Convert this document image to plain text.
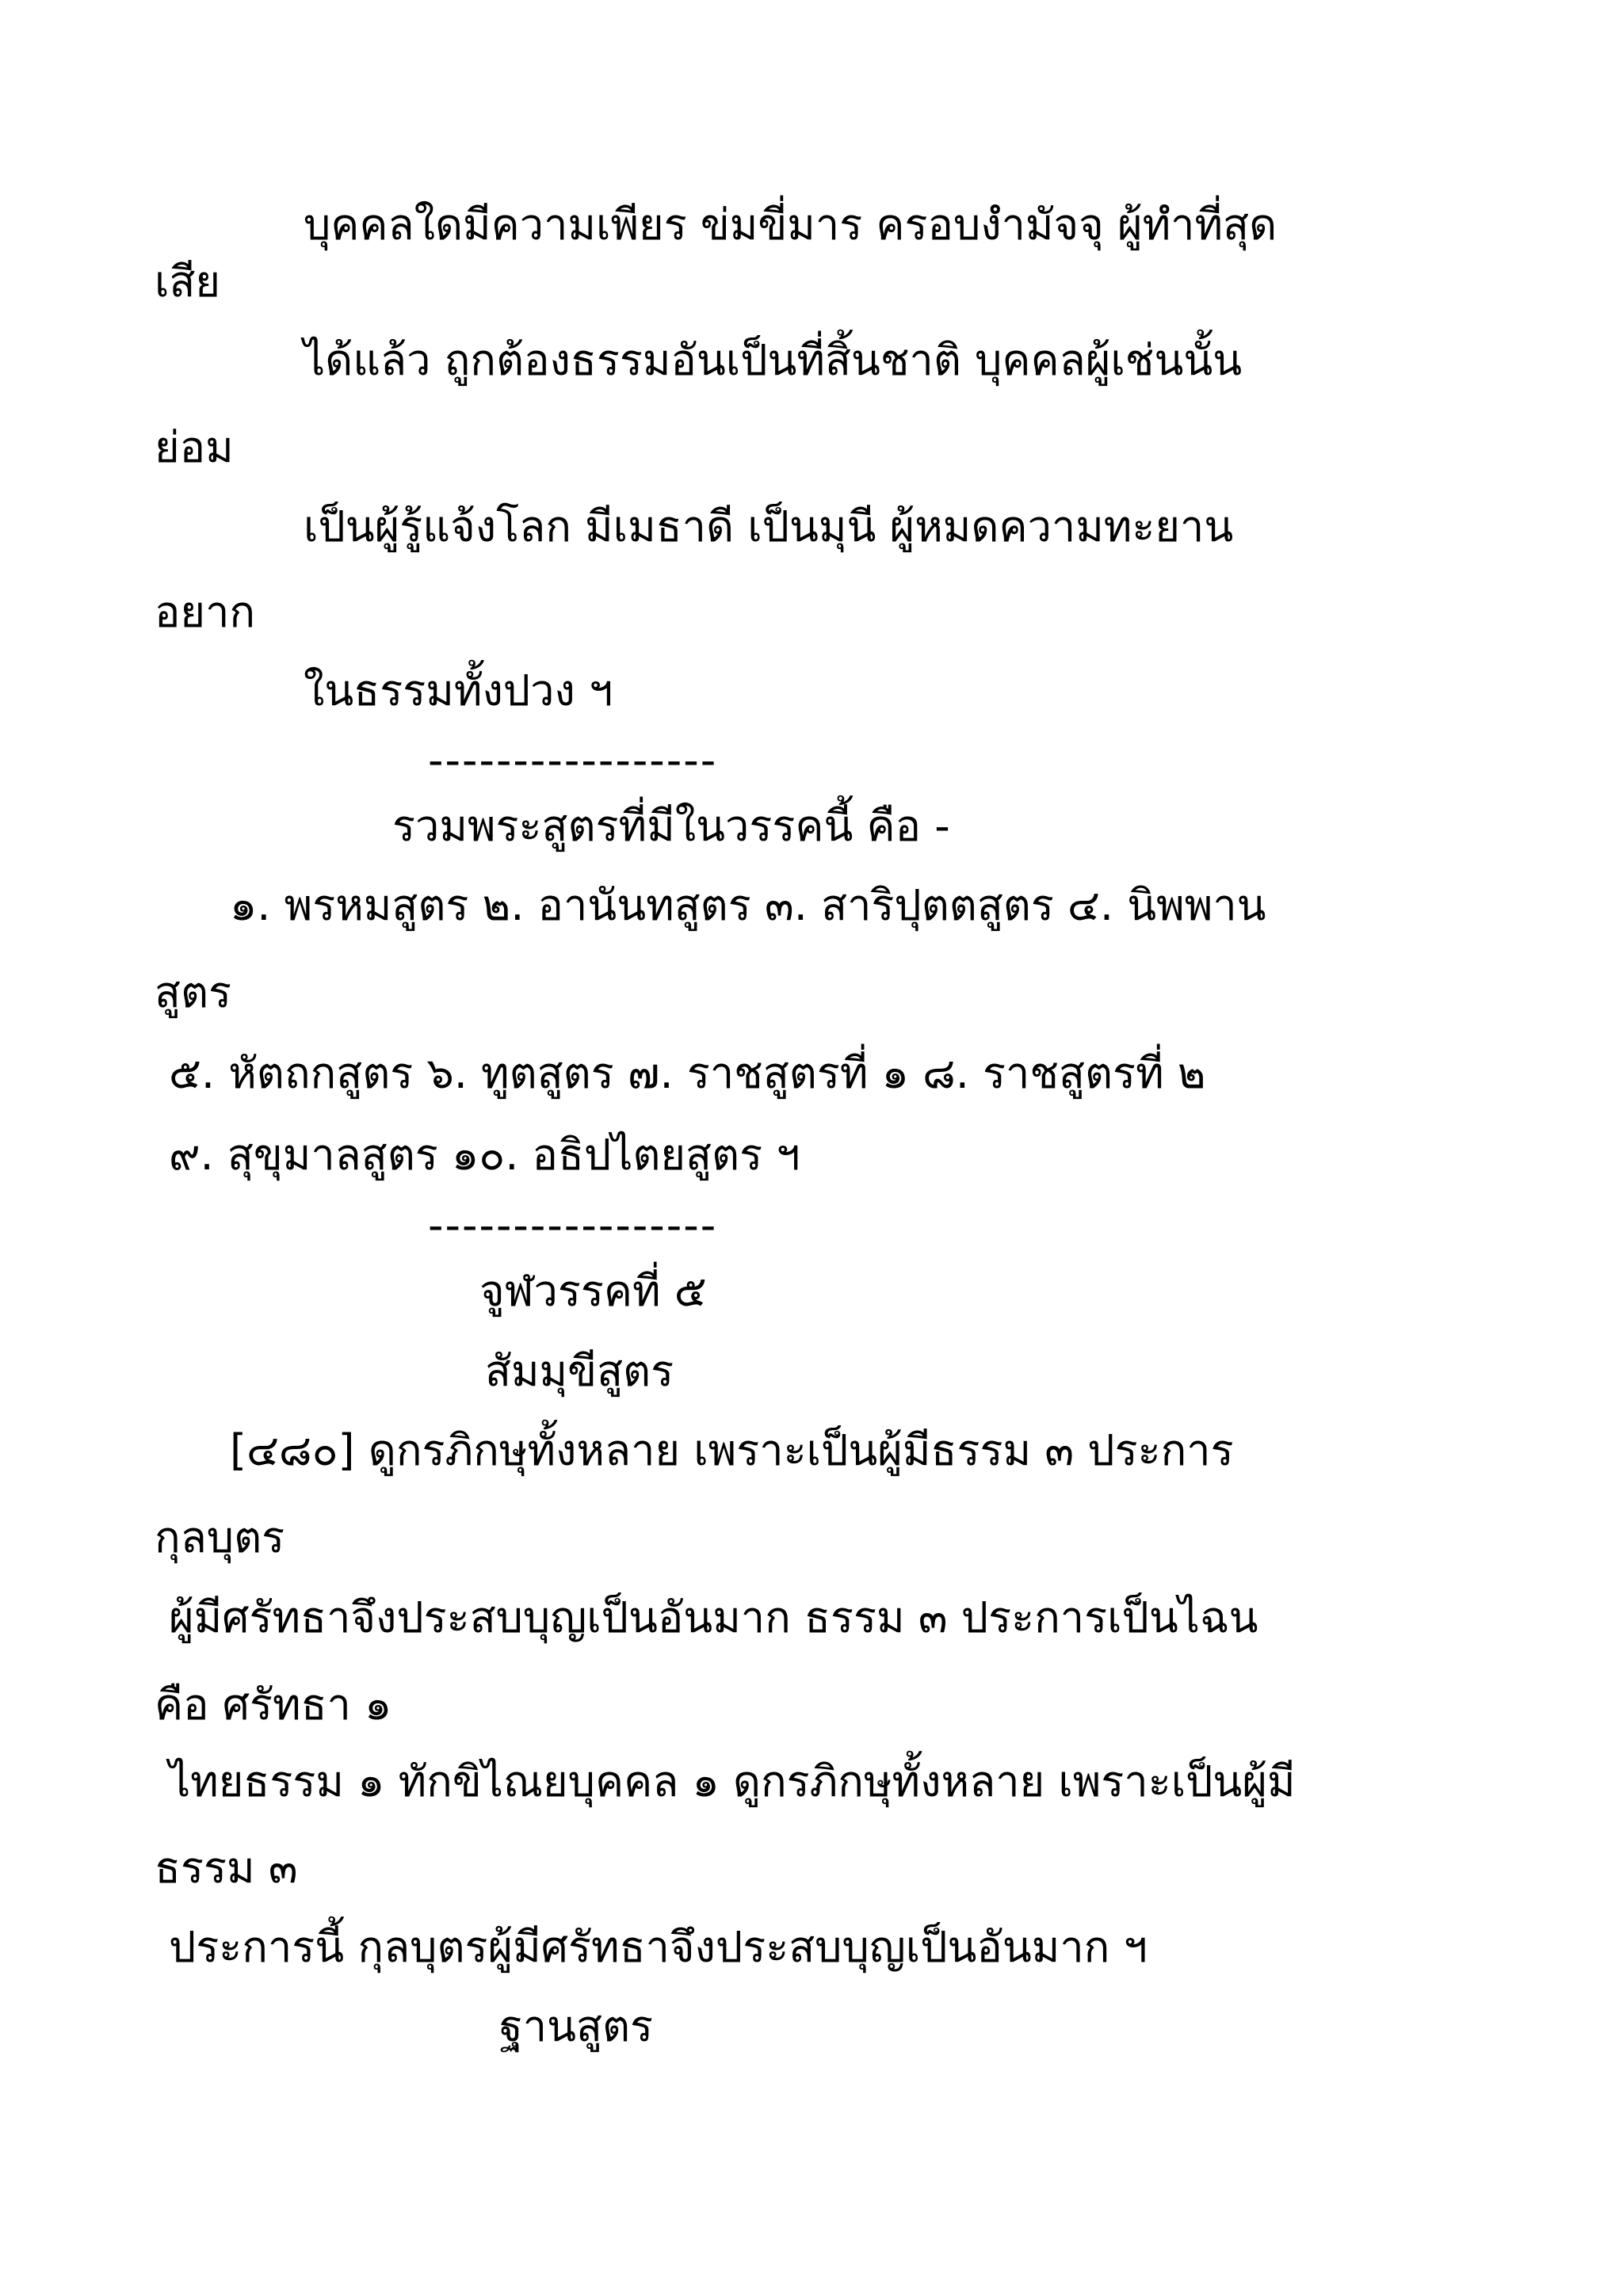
บุคคลใดมีความเพียร ข่มขี่มาร ครอบงำมัจจุ ผู้ทำที่สุด
เสีย
ได้แล้ว ถูกต้องธรรมอันเป็นที่สิ้นชาติ บุคคลผู้เช่นนั้น
ย่อม
เป็นผู้รู้แจ้งโลก มีเมธาดี เป็นมุนี ผู้หมดความทะยาน
อยาก
ในธรรมทั้งปวง ฯ
-----------------
รวมพระสูตรที่มีในวรรคนี้ คือ -
๑. พรหมสูตร ๒. อานันทสูตร ๓. สาริปุตตสูตร ๔. นิพพาน
สูตร
๕. หัตถกสูตร ๖. ทูตสูตร ๗. ราชสูตรที่ ๑ ๘. ราชสูตรที่ ๒
๙. สุขุมาลสูตร ๑๐. อธิปไตยสูตร ฯ
-----------------
จูฬวรรคที่ ๕
สัมมุขีสูตร
[๔๘๐] ดูกรภิกษุทั้งหลาย เพราะเป็นผู้มีธรรม ๓ ประการ
กุลบุตร
ผู้มีศรัทธาจึงประสบบุญเป็นอันมาก ธรรม ๓ ประการเป็นไฉน
คือ ศรัทธา ๑
ไทยธรรม ๑ ทักขิไณยบุคคล ๑ ดูกรภิกษุทั้งหลาย เพราะเป็นผู้มี
ธรรม ๓
ประการนี้ กุลบุตรผู้มีศรัทธาจึงประสบบุญเป็นอันมาก ฯ
ฐานสูตร
